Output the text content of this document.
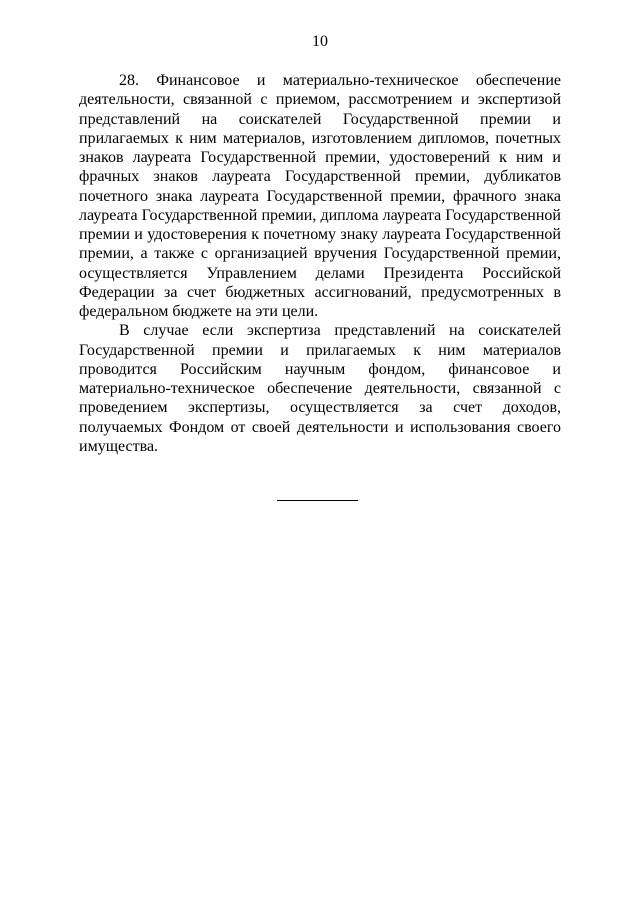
10

28. Финансовое и материально-техническое обеспечение деятельности, связанной с приемом, рассмотрением и экспертизой представлений на соискателей Государственной премии и прилагаемых к ним материалов, изготовлением дипломов, почетных знаков лауреата Государственной премии, удостоверений к ним и фрачных знаков лауреата Государственной премии, дубликатов почетного знака лауреата Государственной премии, фрачного знака лауреата Государственной премии, диплома лауреата Государственной премии и удостоверения к почетному знаку лауреата Государственной премии, а также с организацией вручения Государственной премии, осуществляется Управлением делами Президента Российской Федерации за счет бюджетных ассигнований, предусмотренных в федеральном бюджете на эти цели.

В случае если экспертиза представлений на соискателей Государственной премии и прилагаемых к ним материалов проводится Российским научным фондом, финансовое и материально-техническое обеспечение деятельности, связанной с проведением экспертизы, осуществляется за счет доходов, получаемых Фондом от своей деятельности и использования своего имущества.
